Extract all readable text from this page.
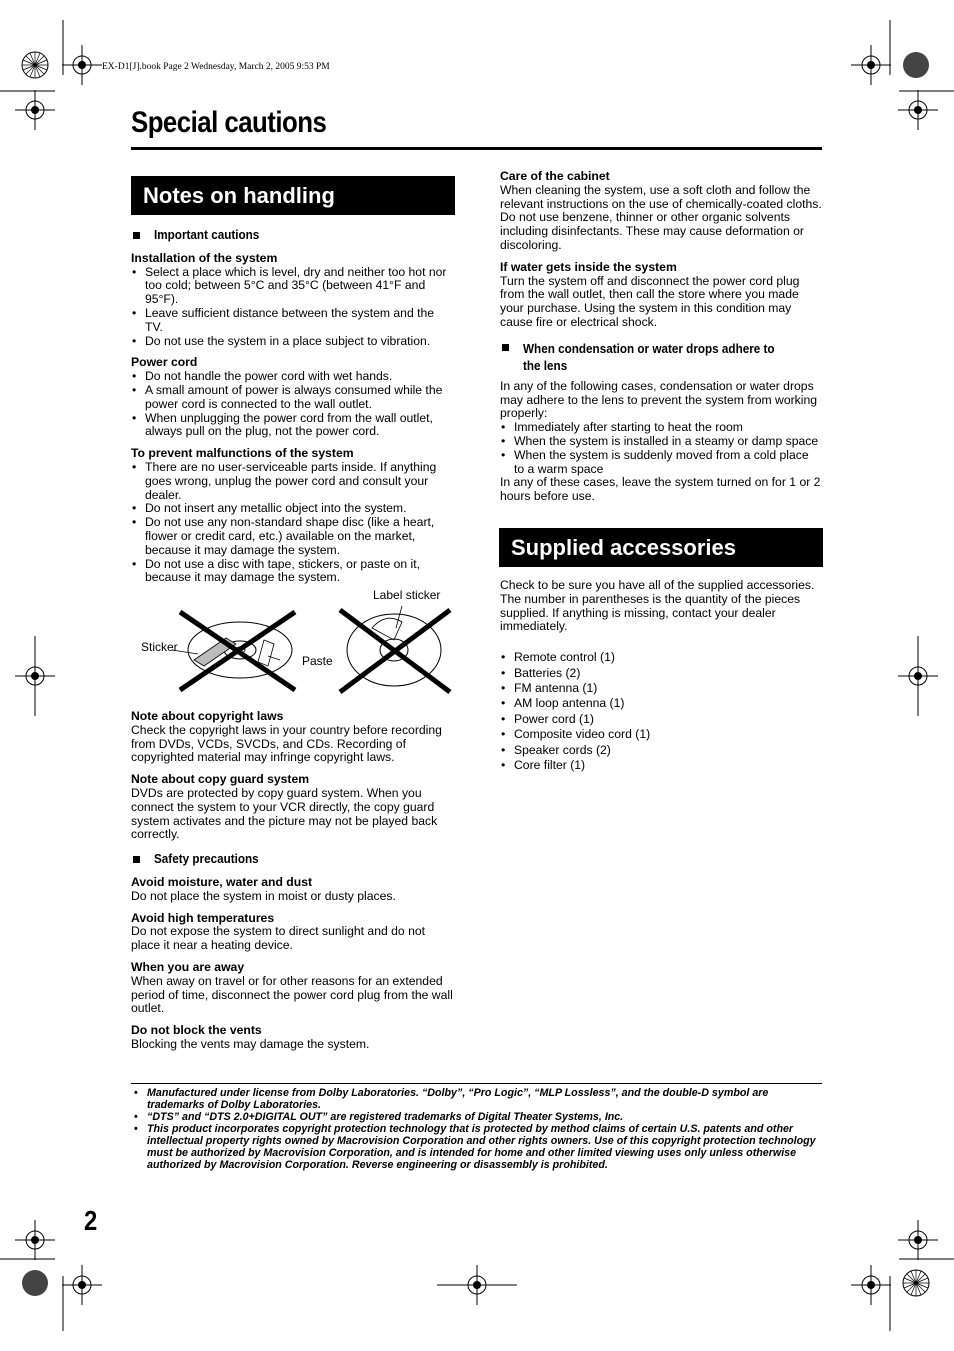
EX-D1[J].book Page 2 Wednesday, March 2, 2005 9:53 PM
Special cautions
Notes on handling
Important cautions

Installation of the system

• Select a place which is level, dry and neither too hot nor too cold; between 5°C and 35°C (between 41°F and 95°F).
• Leave sufficient distance between the system and the TV.
• Do not use the system in a place subject to vibration.

Power cord

• Do not handle the power cord with wet hands.
• A small amount of power is always consumed while the power cord is connected to the wall outlet.
• When unplugging the power cord from the wall outlet, always pull on the plug, not the power cord.

To prevent malfunctions of the system

• There are no user-serviceable parts inside. If anything goes wrong, unplug the power cord and consult your dealer.
• Do not insert any metallic object into the system.
• Do not use any non-standard shape disc (like a heart, flower or credit card, etc.) available on the market, because it may damage the system.
• Do not use a disc with tape, stickers, or paste on it, because it may damage the system.
Label sticker
Sticker
Paste

Note about copyright laws

Check the copyright laws in your country before recording from DVDs, VCDs, SVCDs, and CDs. Recording of copyrighted material may infringe copyright laws.

Note about copy guard system

DVDs are protected by copy guard system. When you connect the system to your VCR directly, the copy guard system activates and the picture may not be played back correctly.

Safety precautions

Avoid moisture, water and dust

Do not place the system in moist or dusty places.

Avoid high temperatures

Do not expose the system to direct sunlight and do not place it near a heating device.

When you are away

When away on travel or for other reasons for an extended period of time, disconnect the power cord plug from the wall outlet.

Do not block the vents

Blocking the vents may damage the system.

Care of the cabinet

When cleaning the system, use a soft cloth and follow the relevant instructions on the use of chemically-coated cloths. Do not use benzene, thinner or other organic solvents including disinfectants. These may cause deformation or discoloring.

If water gets inside the system

Turn the system off and disconnect the power cord plug from the wall outlet, then call the store where you made your purchase. Using the system in this condition may cause fire or electrical shock.

When condensation or water drops adhere to the lens

In any of the following cases, condensation or water drops may adhere to the lens to prevent the system from working properly:

• Immediately after starting to heat the room
• When the system is installed in a steamy or damp space
• When the system is suddenly moved from a cold place to a warm space

In any of these cases, leave the system turned on for 1 or 2 hours before use.

Supplied accessories

Check to be sure you have all of the supplied accessories.

The number in parentheses is the quantity of the pieces supplied. If anything is missing, contact your dealer immediately.

• Remote control (1)
• Batteries (2)
• FM antenna (1)
• AM loop antenna (1)
• Power cord (1)
• Composite video cord (1)
• Speaker cords (2)
• Core filter (1)
• Manufactured under license from Dolby Laboratories. “Dolby”, “Pro Logic”, “MLP Lossless”, and the double-D symbol are trademarks of Dolby Laboratories.
• “DTS” and “DTS 2.0+DIGITAL OUT” are registered trademarks of Digital Theater Systems, Inc.
• This product incorporates copyright protection technology that is protected by method claims of certain U.S. patents and other intellectual property rights owned by Macrovision Corporation and other rights owners. Use of this copyright protection technology must be authorized by Macrovision Corporation, and is intended for home and other limited viewing uses only unless otherwise authorized by Macrovision Corporation. Reverse engineering or disassembly is prohibited.
2
